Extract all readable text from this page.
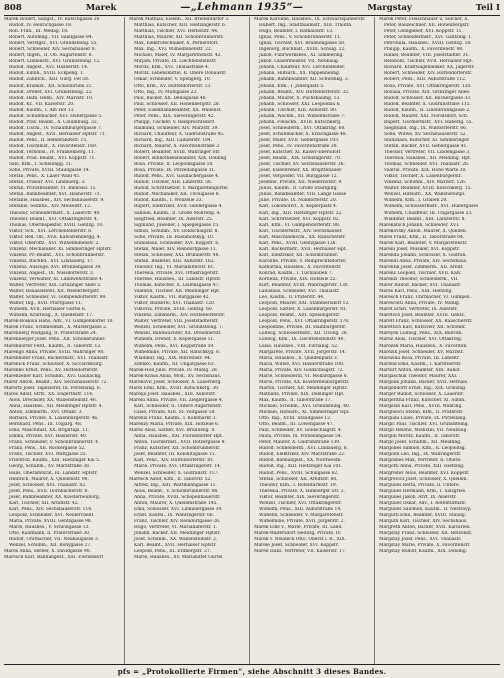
808	Marek	—„Lehmann 1935“—	Margstay	Teil I
Marek Robert, Silbgst., IV. Ratschgasse 20
Rudolf, IV. Heurichgasse 18.
Rob. Fran., III. Medag. 18.
Robert, Automng., VII. Sandgasse 84.
Robert, Verstgsr., XVI. Grundsteing. 55.
Robert, Schneider, XIV. Sechshauser 8.
Robert, Ingen., II. Ob. Augartenstr. 8.
Robert, Lindenstr., XVI. Grundsteing. 12.
Rudolf, Angest., XVI. Hasnerstr. 14.
Rudolf, Einbh., XVIII. Eckpeng. 1.
Rudolf, Zahntch., XIII. Gurg. Fel 58.
Rudolf, Krankst., XII. Schönbrunn 21.
Rudolf, Dreher, XVI. Grundsteing. 22.
Rudolf, Hafn. Hebb., XIV. Märzstr. 10.
Rudolf, Kr., VII. Kaiserstr. 20.
Rudolf, Kaufm., I. Am Hof 13.
Rudolf, Schuhmacher, XVI. Hubergasse 5.
Rudolf, Präv. Beamt., X. Columbusg. 32.
Rudolf, Tischl., IV. Schaumburgergasse 7.
Rudolf, Angest., XVII. Hernalser Hptstr. 71.
Rudolf, Pens., II. Rembrandtstr. 15.
Rudolf, Tischlmst., X. Favoritenstr. 169.
Rudolf, Ternöbsl., IV. Frankenberg. 11.
Rudolf, Präd. Beamt., XVI. Koppstr. 71.
Salo, Kfm., I. Schellingg. 11.
Sofie, Private, XVIII. Staudgasse 14.
Stefan, Pens., X. Laaer Wald 45.
Stefan, Friseur, XVI. Lindauerg. 3.
Stefan, Privatbeamter, VI. Rienössl. 15.
Stefan, Bankbeamter, XVI. Hasnerstr. 73.
Stefanie, Hausbes., XIV. Sechshauserstr. 9.
Stefanie, Sellhtls., XIV. Meiselstr. 12.
Theodor, Schneidermstr., X. Laaerstr. 40.
Theodor, Beamt., XVI. Ottakringerstr. 4.
Thomas, Oberinspektor, XVIII. Gentzg. 10.
Viktor, Sch., XVI. Lerchenfelderstr. 8.
Viktor, Bed. Ob., XVII. Kalvarienbergg. 4.
Viktor, Oberoffz., XVI. Wilhelminenstr. 2.
Vinzenz, Mechaniker, XI. Simmeringer Hptstr.
Vinzenz, Pr.-Beamt., XVI. Schönbrunnerstr.
Vinzenz, Buchbd., XVI. Lindauerg. 17.
Vinzenz, Auszüge, XVI. Brunnengasse 39.
Vinzenz, Angest., IX. Nussdorferstr. 3.
Vinzenz, Verwalter, XI. Landwehrstraße 4.
Walter, Vertreter, XIX. Grinzinger Allee 5.
Walter, Bauassistent, XII. Wienerbergstr.
Walter, Schneider, VI. Gumpendorferstr. 98.
Walter, Ing., XVII. Pfarrgasse 11.
Wilhelm, XVII. Hernalser Gürtel 6.
Wilhelm, Kraftwag., X. Quellenstr. 17.
Marek-Boskola Hans, Adv., VI. Gumpendorfer 10.
Marek Franz, Schmiedmst., X. Mustergasse 2.
Marenberg Wolfgang, II. Praterstraße 24.
Marenberger Josef, Pens., XII. Schönbrunner.
Marendorfer Ferd., Kaufm., II. Taborstr. 12.
Marengo Anna, Private, XVIII. Währinger 98.
Marenhofer Franz, Bäckermstr., XVI. Thaliastr.
Marenick Franz, Schlosser, X. Siccardsburg.
Marenko Ernst, Pens., XV. Hütteldorferstr.
Marenzeller Karl, Schuhm., XVI. Gaullachg.
Marer Anton, Beamt., XIV. Sechshauserstr. 72.
Marertz Josef, Tapezierer, IX. Porzellang. 6.
Mares Adolf, Sfrtr., XX. Engerthstr. 114.
Alois, Drechsler, XX. Wallensteinstr. 46.
Anna, Hausbes., XII. Meidlinger Hptstr. 4.
Anton, Zimmerm., XVI. Ottakr. 3.
Barbara, Private, X. Laxenburgerstr. 46.
Bernhard, Pens., III. Ungarg. 48.
Emil, Maschinist, XX. Brigittapl. 11.
Emma, Private, XVI. Hasnerstr. 40.
Franz, Schneider, V. Schönbrunnerstr. 4.
Franz, Pens., XII. Ruckergasse 52.
Franz, Tischler, XVI. Wattgasse 55.
Friedrich, Kaufm., XIII. Hietzinger Kai 5.
Georg, Schuhm., XV. Märzstraße 38.
Hans, Oberamtsrat, III. Landstr. Hptstr.
Heinrich, Maurer, X. Quellenstr. 98.
Josef, Schlosser, XVI. Thaliastr. 82.
Josef, Pens., XVII. Dornbacherstr. 6.
Josef, Bahnbeamter, XX. Klosterneuburg.
Karl, Tischler, XII. Arndtstr. 42.
Karl, Pens., XIV. Sechshauserstr. 114.
Leopold, Schneider, XVI. Neulerchenf.
Maria, Private, XVIII. Gentzgasse 98.
Marie, Hausbes., V. Schloßgasse 13.
Otto, Kaufmann, II. Praterstraße 30.
Rudolf, Uhrmacher, VII. Neubaugasse 3.
Wenzel, Schuhm., XII. Bonygasse 27.
Mareš Anna, Serber, X. Davidgasse 90.
Marešch Karl, Bahnangest., XXI. Floridsdorf
Marek Mathias, Eisenb., XII. Breitenfurter 3.
Matthias, Kutscher, XIII. Hietzingerstr. 6.
Matthias, Tischler, XVI. Herbststr. 44.
Matthias, Maurer, XII. Schönbrunnerstr.
Max, Elektrotechniker, X. Pernerstorf.
Max, Ing., XVI. Wilhelminenstr. 22.
Michael, Maler, IV. Margarethenstr. 42.
Mirjam, Private, IX. Liechtensteinstr.
Moritz, Kfm., XVI. Thaliastraße 4.
Moritz, Lebensmittel, II. Obere Donaustr.
Oskar, Schneider, V. Spengerg. 10.
Otto, Kfm., XV. Hütteldorferstr. 13.
Otto, Ing., IV. Mühlgasse 23.
Paul, Bäcker, XX. Denisgasse 48.
Paul, Schlosser, XII. Hohenbergstr. 28.
Peter, Eisenbahnbeamter, XX. Wallenst.
Peter, Pens., XIX. Sieveringerstr. 42.
Philipp, Tischler, V. Reinprechtsdorf.
Raimund, Schneider, XIV. Märzstr. 39.
Richard, Chauffeur, X. Gudrunstraße 45.
Richard, Ing., XIII. Lainzerstr. 104.
Richard, Maurer, X. Favoritenstraße 3.
Robert, Beamter, XVIII. Währinger Str.
Robert, Bibliotheksbeamter, XIX. Döbling
Rosa, Private, II. Leopoldsgasse 18.
Rosa, Private, IX. Porzellangasse 31.
Rudolf, Pens., XVI. Gaullachergasse 4.
Rudolf, Tischler, XIII. Linzerstr. 56.
Rudolf, Schriftsetzer, V. Margaretengürtel
Rudolf, Mechaniker, XII. Tivoligasse 8.
Rudolf, Kaufm., I. Wollzeile 33.
Rupert, Elektriker, XVII. Geblergasse 4.
Samuel, Kaufm., II. Große Mohreng. 4.
Siegfried, Beamter, IX. Alserstr. 25.
Sigmund, Juwelier, I. Spiegelgasse 15.
Simon, Schuhm., XV. Goldschlagstr. 8.
Sofie, Private, III. Rasumofskyg. 10.
Stanislaus, Schneider, XVI. Koppstr. 6.
Stefan, Maler, XIV. Reindorfgasse 11.
Stefan, Schlosser, XXI. Brünnerstr. 48.
Stefan, Beamter, XIII. Auhofstr. 162.
Theodor, Ing., VI. Mariahilferstr. 61.
Theresia, Private, XVI. Ottakringerstr.
Therese, Hausbes., III. Landstr. Hptstr.
Thomas, Kutscher, X. Leibnizgasse 47.
Valentin, Tischler, XII. Meidlinger Hpt.
Viktor, Kaufm., VII. Burggasse 42.
Viktor, Bäckerei, XVI. Thaliastr. 120.
Viktoria, Private, XVIII. Gentzg. 60.
Vinzenz, Zimmerm., XIV. Hütteldorferstr.
Walter, Vertreter, VIII. Josefstädterstr.
Wenzel, Schneider, XVI. Grundsteing. 7.
Wenzel, Bahnwächter, XX. Dresdnerstr.
Wilhelm, Dreher, X. Keplergasse 11.
Wilhelm, Pens., XVI. Koppstraße 59.
Wilhelmine, Private, XII. Ratschkyg. 8.
Wladimir, Ing., XIX. Billrothstr. 44.
Zdenko, Kaufm., III. Ungargasse 63.
Marek-Holl Julie, Private, IV. Mühlg. 28.
Marek-Kraus Anna, Mod., XV. Sechshaus.
Marekovic Josef, Schlosser, X. Laaerberg.
Marel Emil, Kfm., XVIII. Kutschkerg. 30.
Marelja Josef, Hausbes., XIII. Auhofstr.
Marelli Anna, Private, VII. Zieglergasse 4.
Karl, Schneider, II. Untere Augartenstr.
Luise, Private, XIII. St. Veitgasse 18.
Marenzi Franz, Kaufm., I. Kohlmarkt 3.
Marenzy Maria, Private, XIX. Hofzeile 6.
Mareš Alois, Sattler, XVI. Brunneng. 4.
Anna, Hausbes., XXI. Floridsdorfer Hpt.
Anton, Tischlermst., XVII. Rötzergasse 9.
Franz, Kutscher, XII. Schönbrunnerstr.
Josef, Beamter, III. Kolonitzgasse 11.
Karl, Pens., XIV. Hütteldorferstr. 81.
Marie, Private, XVI. Ottakringerstr. 14.
Wenzel, Schneider, X. Gudrunstr. 117.
Maresch Adolf, Kfm., II. Taborstr. 52.
Alfred, Ing., XIII. Wattmanngasse 11.
Alois, Beamt., V. Schönbrunnerstr. 88.
Anna, Private, XVIII. Schopenhauerstr.
Anton, Maurer, X. Quellenstraße 145.
Emil, Schlosser, XVI. Lindauergasse 39.
Ernst, Kaufm., IX. Währingerstr. 66.
Franz, Tischler, XIV. Reindorfgasse 26.
Hugo, Vertreter, VI. Mariahilferstr. 1.
Johann, Bäcker, XII. Meidlinger Hptstr.
Josef, Schuhm., XX. Wallensteinstr. 2.
Karl, Beamt., XVII. Hernalser Hptstr.
Leopold, Pens., III. Erdbergstr. 27.
Marie, Hausbes., XV. Mariahilfer Gürtel
Marek Karoline, Hausbes., IX. Schwarzspanierstr.
Hubert, Ing., Stadtbaumstr., XIII. Trautm.
Hugo, Beamter, I. Rathausstr. 13.
Ignaz, Pens., V. Schönbrunnerstr. 11.
Ignaz, Tischler, XVI. Brunnengasse 58.
Ingeborg, Buchhalt., XVIII. Schulg. 22.
Jakob, Fuhrwerksbes., XI. Simmering.
Jakob, Glasermeister, VII. Neubaug.
Johann, Chauffeur, XVI. Lerchenfelder.
Johann, Hilfsarb., XX. Pappenheimg.
Johann, Bahnbeamter, XII. Schwenkg. 3.
Johann, Kfm., I. Judenplatz 5.
Johann, Beamt., XIV. Hütteldorferstr. 32.
Johann, Maurer, X. Puchsbaumg. 13.
Johann, Schlosser, XXI. Leopoldau 6.
Johann, Tischler, XIII. Auhofstr. 80.
Johann, Wachm., XII. Wilhelmstraße 7.
Johann, Fleischh., XVIII. Kutschkerg.
Josef, Schneiderm., XVI. Ottakring. 60.
Josef, Schuhmacher, X. Erlachgasse 48.
Josef, Maler, XVII. Geblergasse 103.
Josef, Pens., IV. Favoritenstraße 38.
Josef, Kutscher, XI. Kaiser-Ebersdorf.
Josef, Beamt., XIX. Grinzingerstr. 70.
Josef, Tischler, XV. Sechshauserstr. 36.
Josef, Eisendreher, XX. Brigittenauer.
Josef, Vergolder, VII. Burggasse 12.
Josefine, Private, XII. Niederhofstr. 9.
Julius, Kaufm., II. Große Stadtgutg.
Julius, Bankbeamter, VIII. Lange Gasse
Julie, Private, IX. Nußdorferstr. 20.
Karl, Lokomotivf., X. Keplerplatz 4.
Karl, Ing., XIII. Hietzinger Hptstr. 22.
Karl, Schriftsetzer, XVI. Koppstr. 82.
Karl, Kfm., VI. Gumpendorferstr. 88.
Karl, Tischlermstr., XIV. Sechshauser.
Karl, Maschinenschl., XX. Rauscherstr.
Karl, Pens., XVIII. Gentzgasse 126.
Karl, Bäckermstr., XVII. Hernalser Hpt.
Karl, Elektriker, XII. Schönbrunner.
Karoline, Private, V. Reinprechtsdorfer.
Katharina, Hausbes., X. Favoritenstr.
Konrad, Kaufm., I. Tuchlauben 7.
Kornelia, Private, XIX. Hofzeile 22.
Kurt, Beamter, XVIII. Währingerstr. 130.
Ladislaus, Schneider, XVI. Thaliastr.
Leo, Kaufm., II. Praterstr. 44.
Leopold, Maurer, XXI. Stammersdorf 12.
Leopold, Sattler, X. Laxenburgerstr. 81.
Leopold, Beamt., XIII. Speisingerstr.
Leopold, Pens., XVI. Ottakringerstr. 170.
Leopoldine, Private, III. Hainburgerstr.
Ludwig, Schlossermstr., XII. Tivolig. 26.
Ludwig, Kfm., IX. Liechtensteinstr. 40.
Luise, Hausbes., VIII. Florianig. 52.
Margarete, Private, XVII. Jörgerstr. 14.
Maria, Hausbes., X. Quellenplatz 3.
Maria, Witwe, XVI. Hasnerstraße 108.
Maria, Private, XIV. Goldschlagstr. 72.
Marie, Schneiderin, VI. Mollardgasse 8.
Marie, Private, XX. Klosterneuburgerstr.
Martin, Tischler, XII. Meidlinger Hptstr.
Mathilde, Private, XIX. Döblinger Hpt.
Max, Kaufm., II. Taborstraße 17.
Michael, Schuhm., XVI. Grundsteing. 40.
Michael, Hilfsarb., XI. Simmeringer Hpt.
Otto, Ing., XVIII. Staudgasse 12.
Otto, Beamt., III. Löwengasse 47.
Paul, Schneider, XV. Goldschlagstr. 4.
Paula, Private, IX. Porzellangasse 54.
Peter, Maurer, X. Gudrunstraße 139.
Rudolf, Schneiderm., XVI. Lindauerg. 8.
Rudolf, Elektriker, XIV. Märzstraße 22.
Rudolf, Bahnangest., XX. Nordwestb.
Rudolf, Ing., XIII. Hietzinger Kai 101.
Rudolf, Pens., XVIII. Schulgasse 62.
Stefan, Schlosser, XII. Arndtstr. 80.
Theodor, Kfm., I. Rotenturmstr. 19.
Theresia, Private, X. Himberger Str. 2.
Viktor, Beamter, XIX. Sieveringerstr.
Wenzel, Tischler, XVI. Ottakringerstr.
Wilhelm, Pens., XIII. Auhofstraße 14.
Wilhelm, Schneider, V. Margaretenstr.
Wilhelmine, Private, XVII. Jörgerstr. 2.
Marek Edle v., Marie, Private, III. Land.
Marek-Waltersdorf Hedwig, Private, IV.
Marek v. Neudeck Otto, Oberst i. R., XIX.
Marele Josef, Schneider, XVI. Koppstr.
Maren Hans, Vertreter, VII. Kaiserstr. 17.
Marek Peter, Fleischhauer u. Selcher, X.
Peter, Bauzeichner, XII. Hohenbergstr.
Peter, Gelbgießer, XVI. Koppstr. 11.
Peter, Schneidermstr., XVI. Galitzing. 1.
Petronilla, Hausbes., XVIII. Gentzg. 18.
Philipp, Kaufm., X. Favoritenstr. 98.
Rafael, Beamter, VIII. Josefstädter. 31.
Reinhold, Tischler, XVII. Hernalser Hpt.
Richard, Kraftwagenlenker, XX. Jägerstr.
Robert, Schneider, XIV. Hütteldorferstr.
Robert, Pens., XIII. Auhofstraße 112.
Rosa, Private, XVI. Ottakringerstr. 120.
Rosalia, Private, XIX. Grinzinger Allee.
Rudolf, Schlosser, XII. Ruckergasse 33.
Rudolf, Beamter, X. Gudrunstraße 115.
Rudolf, Kaufm., II. Lilienbrunngasse 2.
Rudolf, Maurer, XXI. Floridsdorf, Sch.
Rupert, Tischlermstr., XVI. Haberlg. 55.
Siegmund, Ing., IX. Nußdorferstr. 66.
Sofie, Witwe, XV. Sechshauserstr. 52.
Stanislaus, Kutscher, XI. Simmeringer.
Stefan, Bäcker, XVII. Geblergasse 41.
Theodor, Vertreter, VII. Lindengasse 3.
Theresia, Hausbes., XII. Meidling. Hpt.
Thomas, Schneider, XVI. Thaliastr. 26.
Valerie, Private, XIX. Hohe Warte 30.
Viktor, Tischler, X. Laxenburgerstr.
Vinzenz, Schuhm., XIV. Märzstr. 126.
Walter, Beamter, XVIII. Kutschkerg. 15.
Wenzel, Hilfsarb., XX. Wallensteinpl.
Wilhelm, Kfm., I. Graben 20.
Wilhelm, Schlossermstr., XVI. Hubergasse
Wilhelm, Chauffeur, III. Ungargasse 23.
Wladimir, Beamt., XIII. Lainzerstr. 8.
Marekatsch Johann, Schneider, XVI.
Marekovsky Anton, Maurer, X. Quellen.
Marel Franz, Kfm., II. Taborstraße 64.
Marell Karl, Beamter, V. Margaretenstr.
Marelli Josef, Musiker, XVI. Koppstr.
Marenda Johann, Schlosser, X. Gudrun.
Marendl Anna, Private, XIV. Sechshaus.
Marentik Josef, Zimmerm., XII. Arndt.
Marenz Leopold, Tischler, XVII. Kalv.
Marenzi Theodor, Schneiderm., VII.
Marer Rudolf, Bäcker, XVI. Thaliastr.
Mares Karl, Pens., XIII. Hietzing.
Maresch Franz, Uhrmacher, VI. Gumpen.
Marescotti Anna, Private, IV. Mühlg.
Maret Ernst, Vertreter, IX. Alserstr.
Maretsch Josef, Beamter, XVIII. Gentz.
Marett Franz, Schlosser, XX. Rauscherstr.
Marettich Karl, Kutscher, XII. Schönbr.
Mareyek Ludwig, Pens., XIX. Billroth.
Marez Alois, Tischler, XVI. Ottakring.
Marezek Maria, Hausbes., X. Favoriten.
Marezik Josef, Schneider, XV. Märzstr.
Marezina Rosa, Private, III. Landstr.
Marfeld Emil, Kaufm., I. Kärntnerstr.
Marfurt Anton, Beamter, XIII. Auhof.
Margaschuk Theodor, Maurer, XXI.
Margelik Johann, Bäcker, XVII. Hernals.
Margendorff Ernst, Ing., XIX. Grinzing.
Marger Rudolf, Schlosser, X. Laaerstr.
Margeritha Franz, Kutscher, XI. Simm.
Margesin Karl, Pens., XVIII. Währing.
Marghescu Stefan, Kfm., II. Praterstr.
Margiani Luise, Private, IX. Porzellang.
Margic Paul, Tischler, XVI. Grundsteing.
Margit Helene, Modistin, VII. Neubaug.
Marglin Moritz, Kaufm., II. Taborstr.
Margo Josef, Schuhm., XII. Meidling.
Margolies Samuel, Kfm., II. Leopoldsg.
Margolin Leo, Ing., IX. Währingerstr.
Margoshes Max, Vertreter, II. Obere.
Margotti Anna, Private, XIII. Hietzing.
Margreiter Alois, Beamter, XVI. Koppstr.
Margrevicz Josef, Schlosser, X. Quellen.
Margulies Berta, Private, II. Untere.
Margulies Hermann, Kfm., I. Salzgries.
Margulies Jakob, Arzt, IX. Alserstr.
Margulies Oskar, Adv., I. Rotenturmstr.
Margulies Salomon, Kaufm., II. Nestroyp.
Margutti Emil, Beamter, XVIII. Staudg.
Marguth Karl, Tischler, XIV. Sechshaus.
Margreth Anton, Bäcker, XVII. Kalvarien.
Margstay Franz, Schlosser, XII. Hetzendf.
Margstay Josef, Pens., XVI. Thaliastr.
Margstay Marie, Private, X. Favoritenstr.
Margstay Rudolf, Kaufm., XIX. Döbling.
pfs = „Protokollierte Firmen“, siehe Abschnitt 3 dieses Bandes.
